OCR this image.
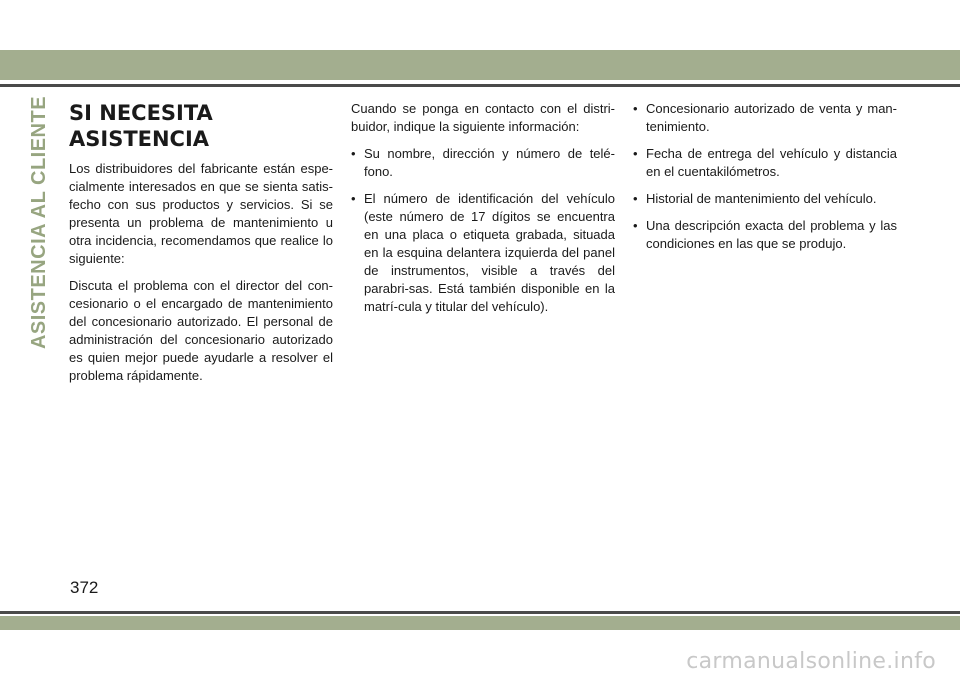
ASISTENCIA AL CLIENTE SI NECESITA ASISTENCIA

Los distribuidores del fabricante están espe-cialmente interesados en que se sienta satis-fecho con sus productos y servicios. Si se presenta un problema de mantenimiento u otra incidencia, recomendamos que realice lo siguiente:

Discuta el problema con el director del con-cesionario o el encargado de mantenimiento del concesionario autorizado. El personal de administración del concesionario autorizado es quien mejor puede ayudarle a resolver el problema rápidamente.

Cuando se ponga en contacto con el distri-buidor, indique la siguiente información:

• Su nombre, dirección y número de telé-fono.
• El número de identificación del vehículo (este número de 17 dígitos se encuentra en una placa o etiqueta grabada, situada en la esquina delantera izquierda del panel de instrumentos, visible a través del parabri-sas. Está también disponible en la matrí-cula y titular del vehículo).
• Concesionario autorizado de venta y man-tenimiento.
• Fecha de entrega del vehículo y distancia en el cuentakilómetros.
• Historial de mantenimiento del vehículo.
• Una descripción exacta del problema y las condiciones en las que se produjo.
372
carmanualsonline.info
